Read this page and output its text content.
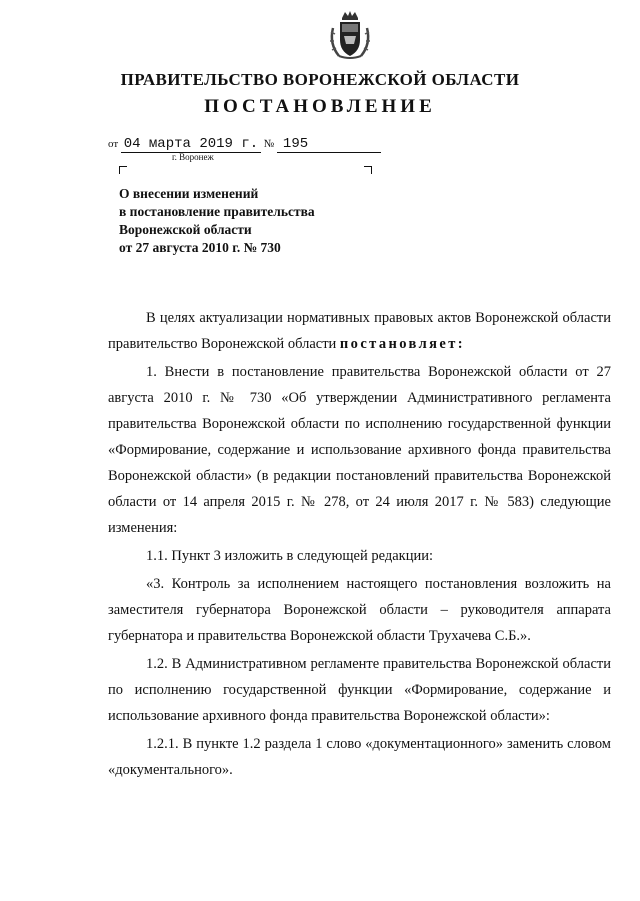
ПРАВИТЕЛЬСТВО ВОРОНЕЖСКОЙ ОБЛАСТИ
ПОСТАНОВЛЕНИЕ
от 04 марта 2019 г. № 195
г. Воронеж
О внесении изменений
в постановление правительства
Воронежской области
от 27 августа 2010 г. № 730

В целях актуализации нормативных правовых актов Воронежской области правительство Воронежской области постановляет:

1. Внести в постановление правительства Воронежской области от 27 августа 2010 г. № 730 «Об утверждении Административного регламента правительства Воронежской области по исполнению государственной функции «Формирование, содержание и использование архивного фонда правительства Воронежской области» (в редакции постановлений правительства Воронежской области от 14 апреля 2015 г. № 278, от 24 июля 2017 г. № 583) следующие изменения:

1.1. Пункт 3 изложить в следующей редакции:

«3. Контроль за исполнением настоящего постановления возложить на заместителя губернатора Воронежской области – руководителя аппарата губернатора и правительства Воронежской области Трухачева С.Б.».

1.2. В Административном регламенте правительства Воронежской области по исполнению государственной функции «Формирование, содержание и использование архивного фонда правительства Воронежской области»:

1.2.1. В пункте 1.2 раздела 1 слово «документационного» заменить словом «документального».
